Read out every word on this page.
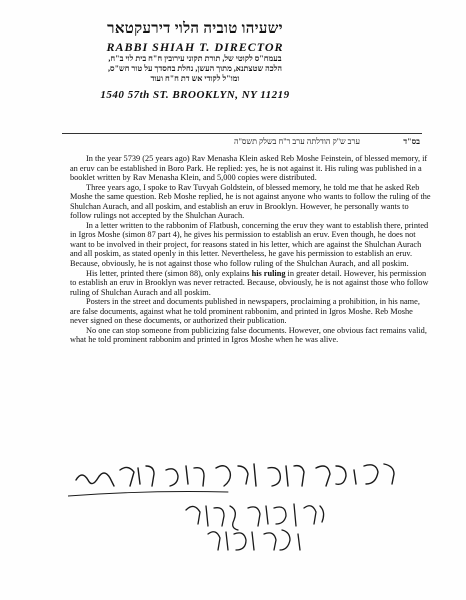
ישעיהו טוביה הלוי דירעקטאר
RABBI SHIAH T. DIRECTOR
בעמח"ס לקוטי של, תורת תקוני עירובין ח"ח בית לוי ב"ח,
הלכה שטצתנא, מתוך העשן, נחלת בחסדך על טור חש"ס,
ומו"ל לקודי אש דת ח"ח ועוד
1540 57th ST. BROOKLYN, NY 11219
ערב ש"ק הודלתה ערב ר"ח בשלק תשס"ה	בס"ד

In the year 5739 (25 years ago) Rav Menasha Klein asked Reb Moshe Feinstein, of blessed memory, if an eruv can be established in Boro Park. He replied: yes, he is not against it. His ruling was published in a booklet written by Rav Menasha Klein, and 5,000 copies were distributed.

Three years ago, I spoke to Rav Tuvyah Goldstein, of blessed memory, he told me that he asked Reb Moshe the same question. Reb Moshe replied, he is not against anyone who wants to follow the ruling of the Shulchan Aurach, and all poskim, and establish an eruv in Brooklyn. However, he personally wants to follow rulings not accepted by the Shulchan Aurach.

In a letter written to the rabbonim of Flatbush, concerning the eruv they want to establish there, printed in Igros Moshe (simon 87 part 4), he gives his permission to establish an eruv. Even though, he does not want to be involved in their project, for reasons stated in his letter, which are against the Shulchan Aurach and all poskim, as stated openly in this letter. Nevertheless, he gave his permission to establish an eruv. Because, obviously, he is not against those who follow ruling of the Shulchan Aurach, and all poskim.

His letter, printed there (simon 88), only explains his ruling in greater detail. However, his permission to establish an eruv in Brooklyn was never retracted. Because, obviously, he is not against those who follow ruling of Shulchan Aurach and all poskim.

Posters in the street and documents published in newspapers, proclaiming a prohibition, in his name, are false documents, against what he told prominent rabbonim, and printed in Igros Moshe. Reb Moshe never signed on these documents, or authorized their publication.

No one can stop someone from publicizing false documents. However, one obvious fact remains valid, what he told prominent rabbonim and printed in Igros Moshe when he was alive.
